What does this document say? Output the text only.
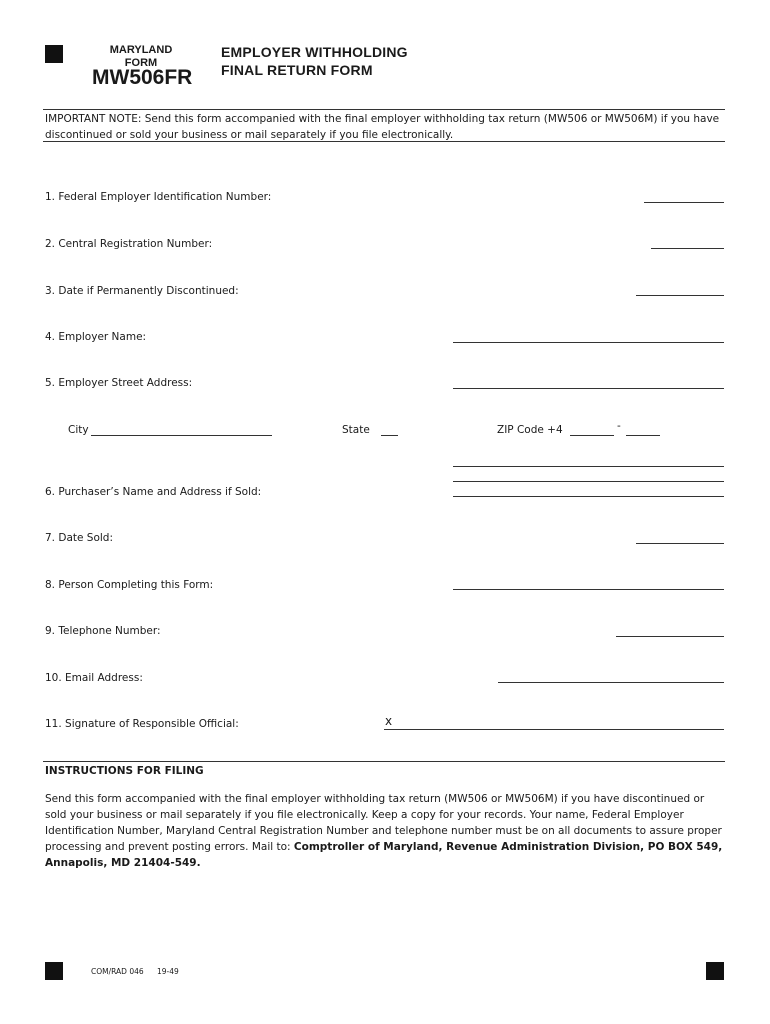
MARYLAND
FORM
MW506FR
EMPLOYER WITHHOLDING
FINAL RETURN FORM
IMPORTANT NOTE: Send this form accompanied with the final employer withholding tax return (MW506 or MW506M) if you have discontinued or sold your business or mail separately if you file electronically.
1. Federal Employer Identification Number:
2. Central Registration Number:
3. Date if Permanently Discontinued:
4. Employer Name:
5. Employer Street Address:
City	State	ZIP Code +4	-
6. Purchaser’s Name and Address if Sold:
7. Date Sold:
8. Person Completing this Form:
9. Telephone Number:
10. Email Address:
11. Signature of Responsible Official:	x
INSTRUCTIONS FOR FILING
Send this form accompanied with the final employer withholding tax return (MW506 or MW506M) if you have discontinued or sold your business or mail separately if you file electronically. Keep a copy for your records. Your name, Federal Employer Identification Number, Maryland Central Registration Number and telephone number must be on all documents to assure proper processing and prevent posting errors. Mail to: Comptroller of Maryland, Revenue Administration Division, PO BOX 549, Annapolis, MD 21404-549.
COM/RAD 046 19-49
